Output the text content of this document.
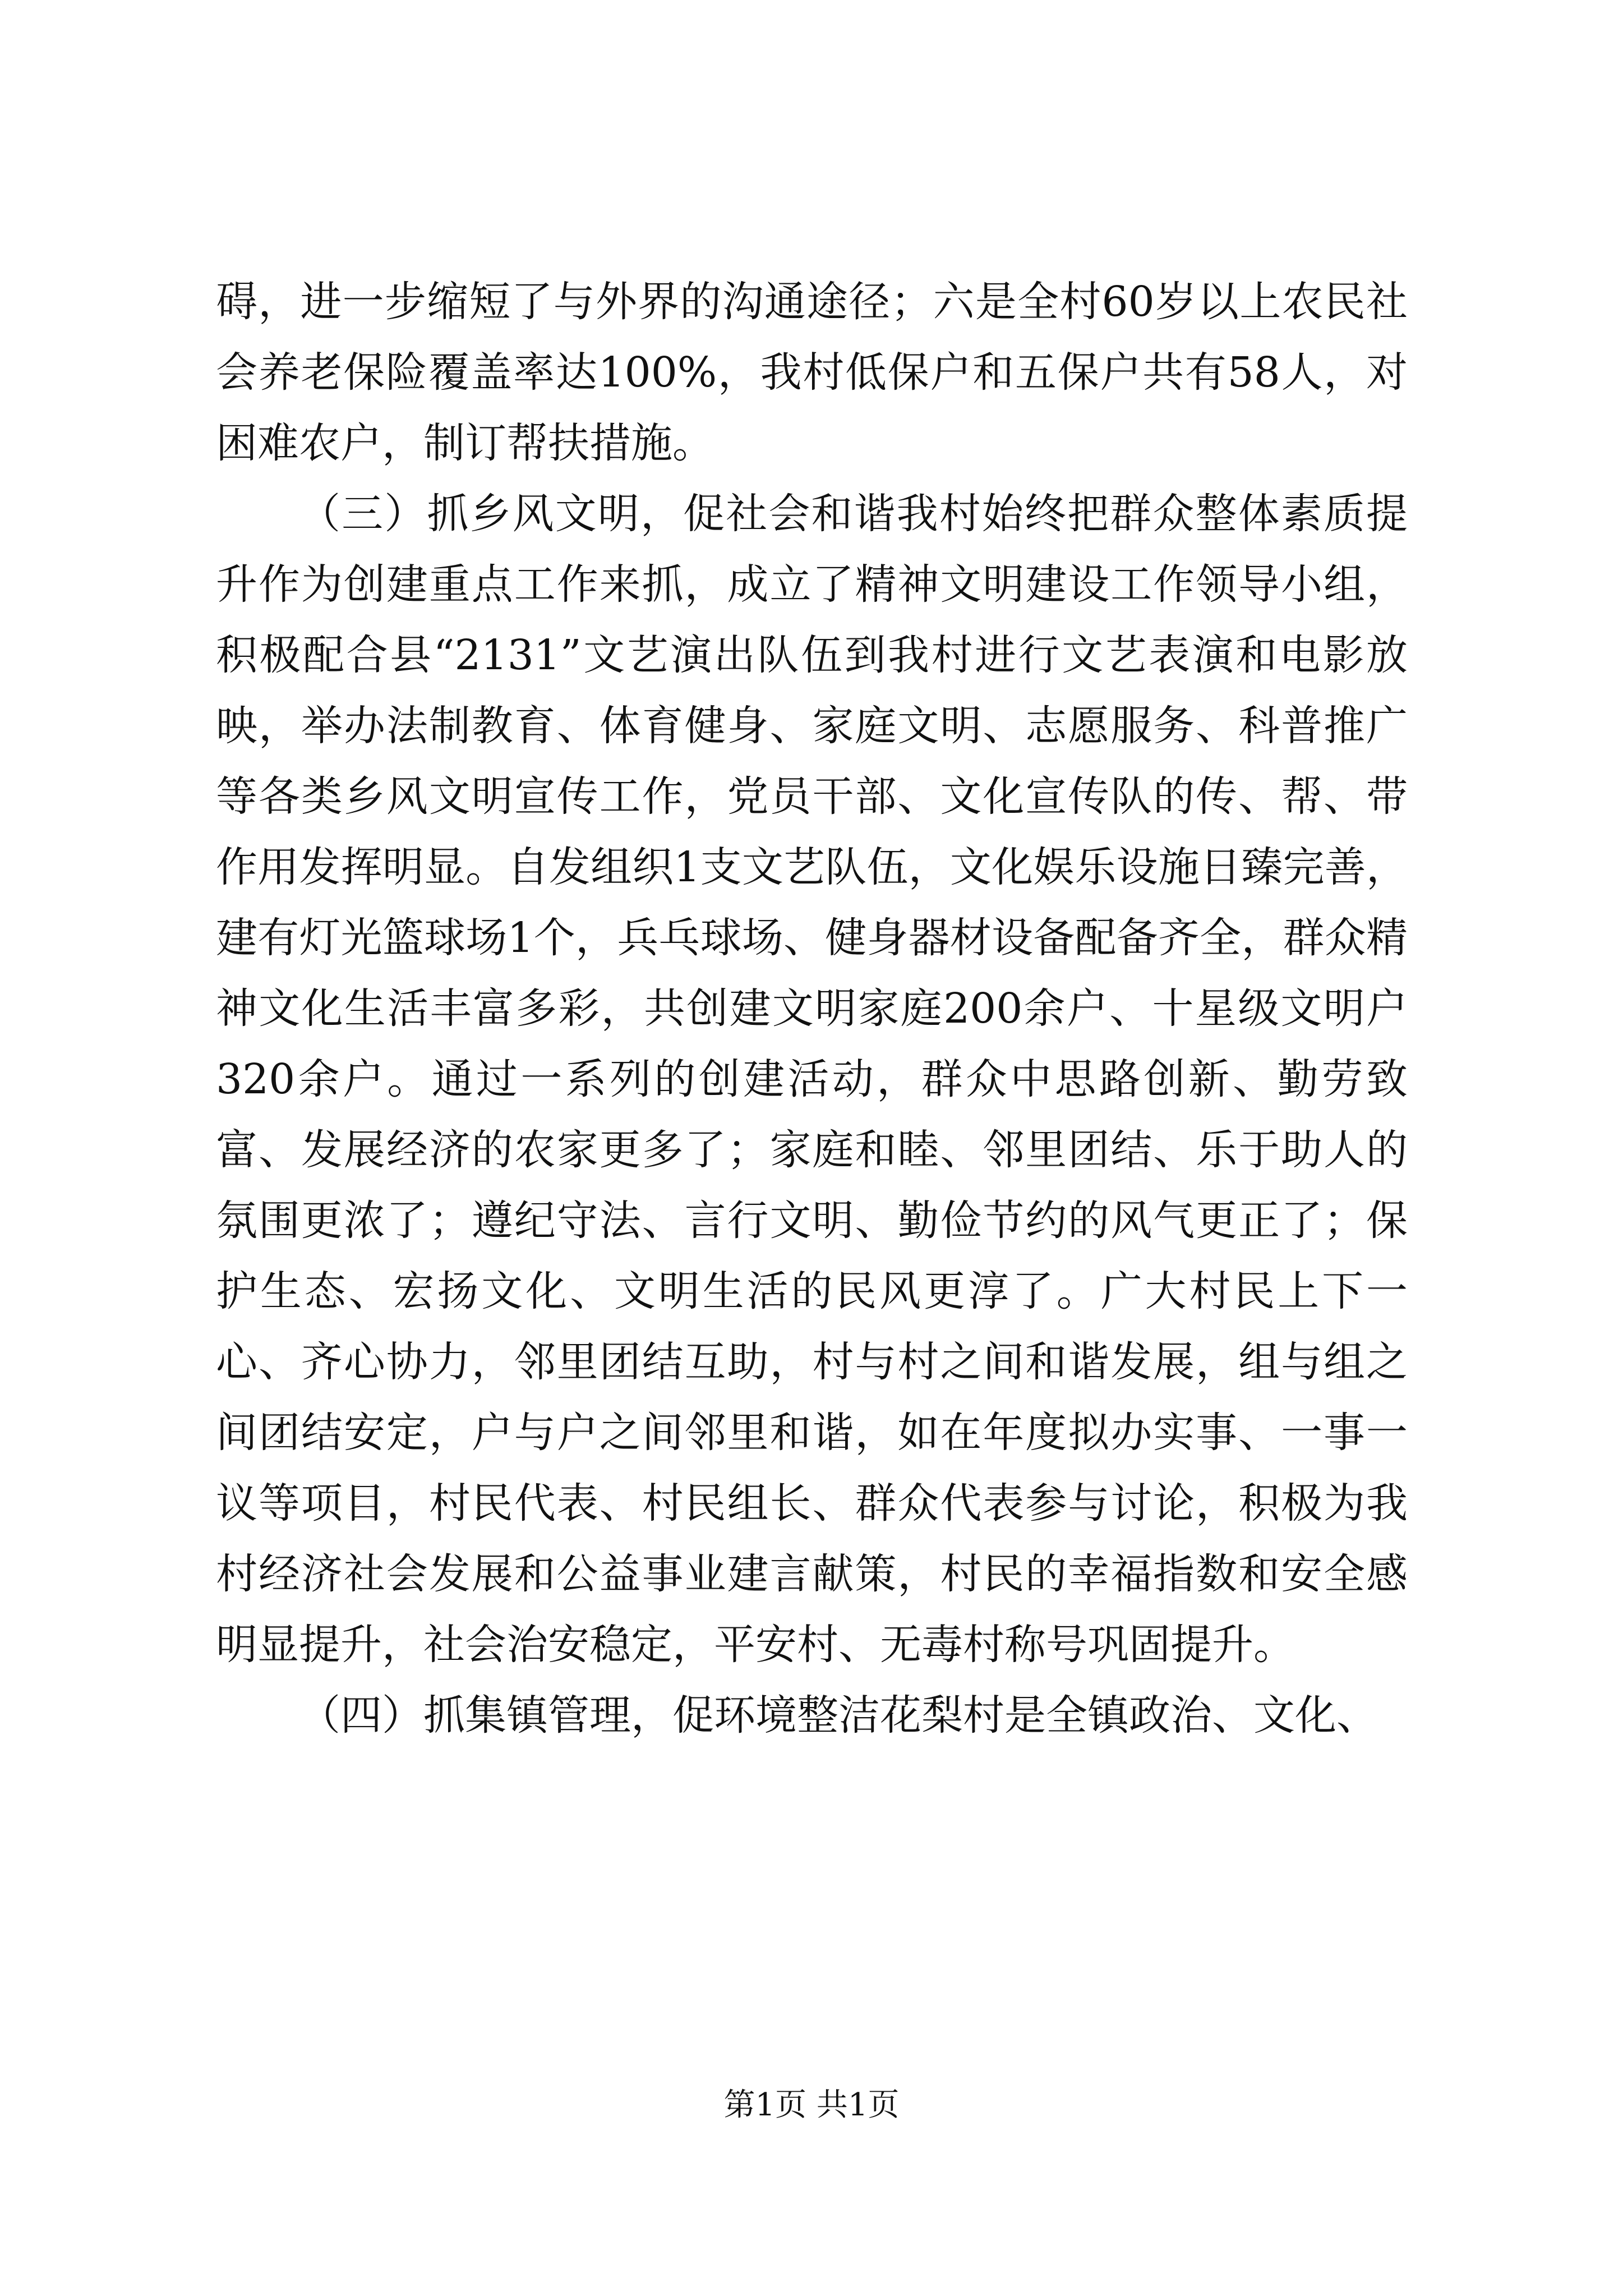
碍，进一步缩短了与外界的沟通途径；六是全村60岁以上农民社会养老保险覆盖率达100%，我村低保户和五保户共有58人，对困难农户，制订帮扶措施。

（三）抓乡风文明，促社会和谐我村始终把群众整体素质提升作为创建重点工作来抓，成立了精神文明建设工作领导小组，积极配合县“2131”文艺演出队伍到我村进行文艺表演和电影放映，举办法制教育、体育健身、家庭文明、志愿服务、科普推广等各类乡风文明宣传工作，党员干部、文化宣传队的传、帮、带作用发挥明显。自发组织1支文艺队伍，文化娱乐设施日臻完善，建有灯光篮球场1个，兵乓球场、健身器材设备配备齐全，群众精神文化生活丰富多彩，共创建文明家庭200余户、十星级文明户320余户。通过一系列的创建活动，群众中思路创新、勤劳致富、发展经济的农家更多了；家庭和睦、邻里团结、乐于助人的氛围更浓了；遵纪守法、言行文明、勤俭节约的风气更正了；保护生态、宏扬文化、文明生活的民风更淳了。广大村民上下一心、齐心协力，邻里团结互助，村与村之间和谐发展，组与组之间团结安定，户与户之间邻里和谐，如在年度拟办实事、一事一议等项目，村民代表、村民组长、群众代表参与讨论，积极为我村经济社会发展和公益事业建言献策，村民的幸福指数和安全感明显提升，社会治安稳定，平安村、无毒村称号巩固提升。

（四）抓集镇管理，促环境整洁花梨村是全镇政治、文化、

第1页 共1页
